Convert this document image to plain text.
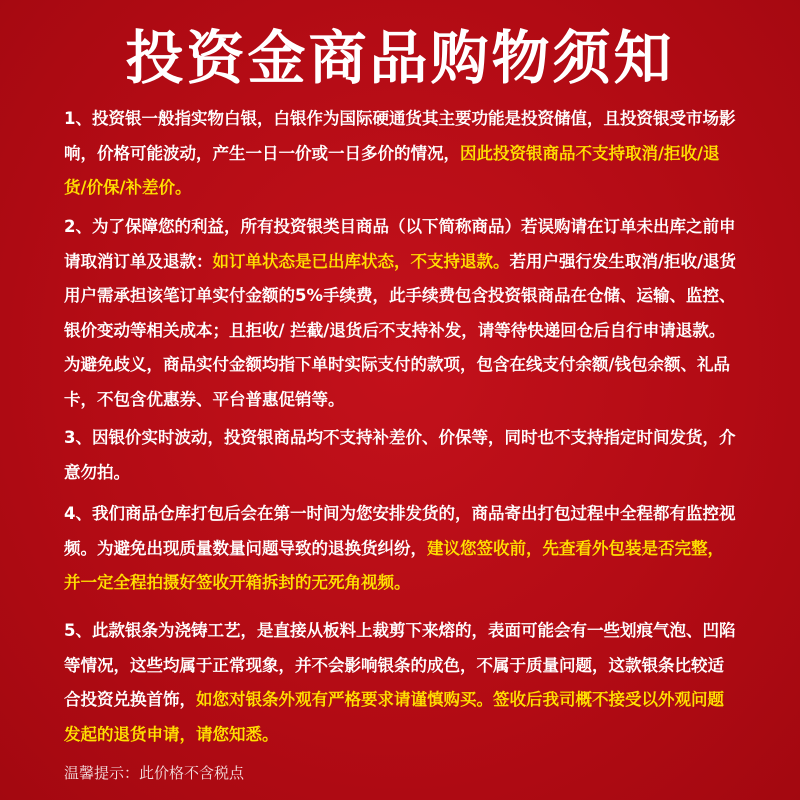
投资金商品购物须知
1、投资银一般指实物白银，白银作为国际硬通货其主要功能是投资储值，且投资银受市场影响，价格可能波动，产生一日一价或一日多价的情况，因此投资银商品不支持取消/拒收/退货/价保/补差价。
2、为了保障您的利益，所有投资银类目商品（以下简称商品）若误购请在订单未出库之前申请取消订单及退款：如订单状态是已出库状态，不支持退款。若用户强行发生取消/拒收/退货用户需承担该笔订单实付金额的5%手续费，此手续费包含投资银商品在仓储、运输、监控、银价变动等相关成本；且拒收/ 拦截/退货后不支持补发，请等待快递回仓后自行申请退款。为避免歧义，商品实付金额均指下单时实际支付的款项，包含在线支付余额/钱包余额、礼品卡，不包含优惠券、平台普惠促销等。
3、因银价实时波动，投资银商品均不支持补差价、价保等，同时也不支持指定时间发货，介意勿拍。
4、我们商品仓库打包后会在第一时间为您安排发货的，商品寄出打包过程中全程都有监控视频。为避免出现质量数量问题导致的退换货纠纷，建议您签收前，先查看外包装是否完整，并一定全程拍摄好签收开箱拆封的无死角视频。
5、此款银条为浇铸工艺，是直接从板料上裁剪下来熔的，表面可能会有一些划痕气泡、凹陷等情况，这些均属于正常现象，并不会影响银条的成色，不属于质量问题，这款银条比较适合投资兑换首饰，如您对银条外观有严格要求请谨慎购买。签收后我司概不接受以外观问题发起的退货申请，请您知悉。
温馨提示：此价格不含税点
